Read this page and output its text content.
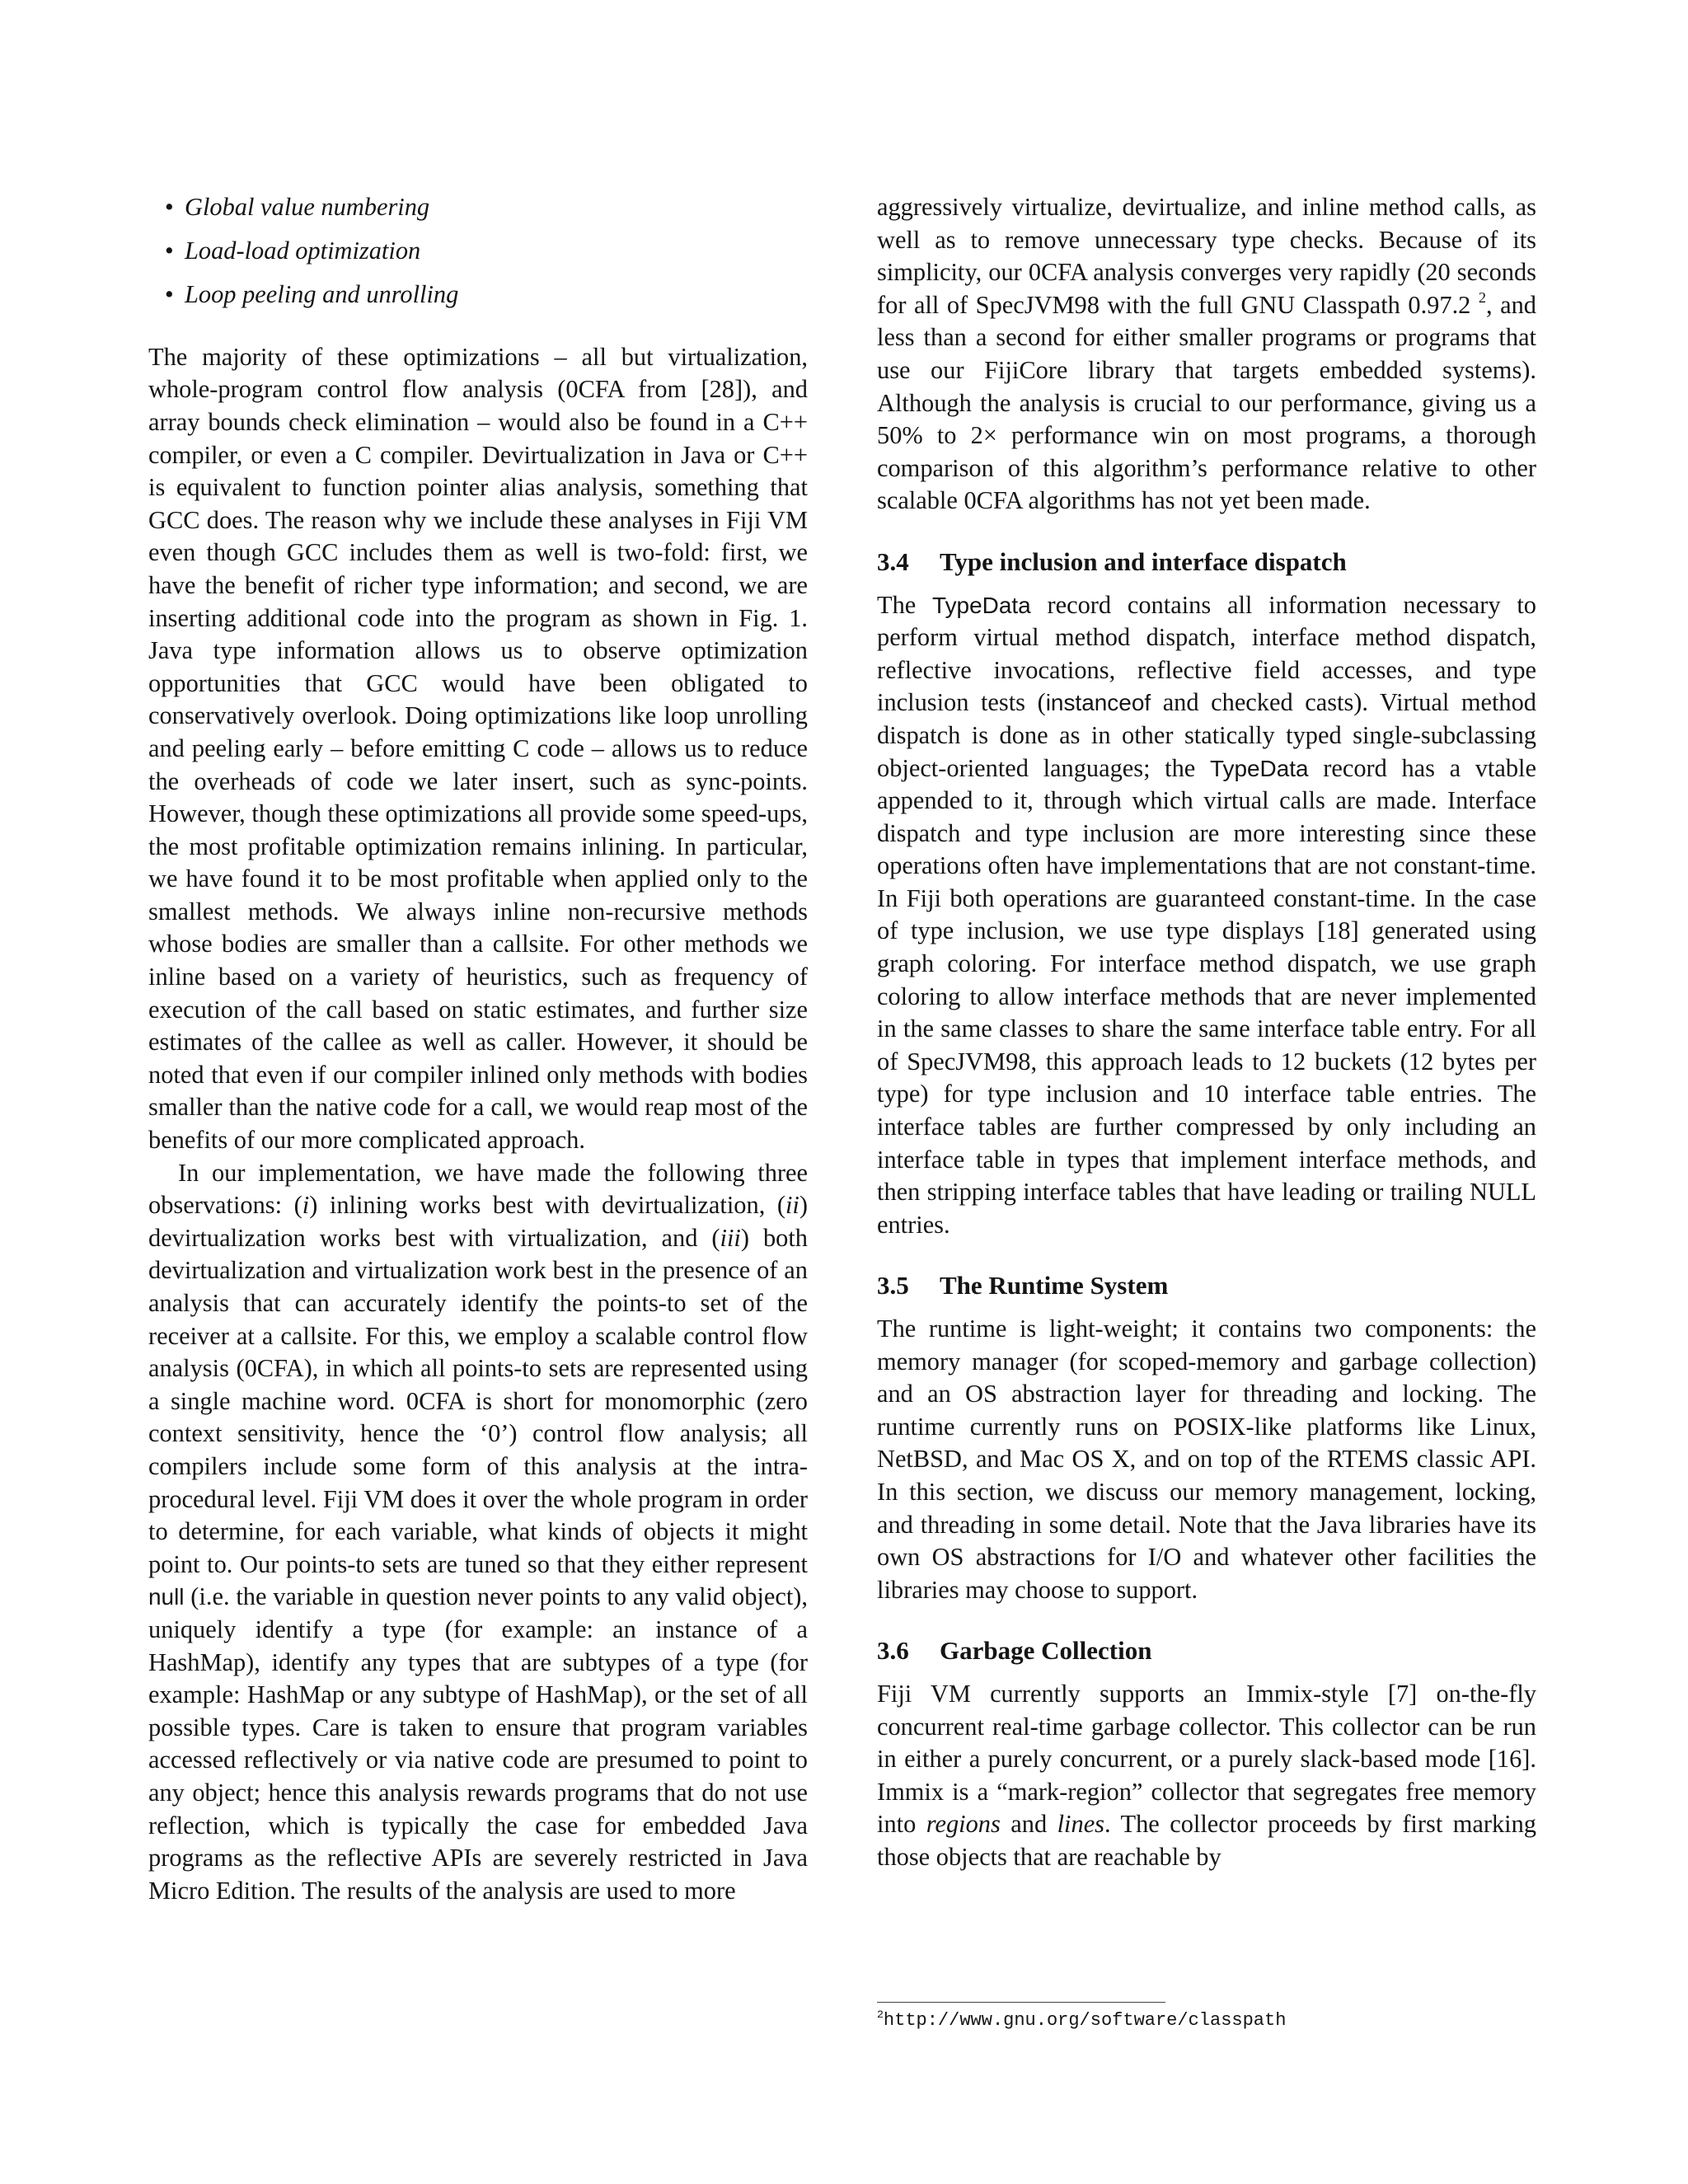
• Global value numbering
• Load-load optimization
• Loop peeling and unrolling

The majority of these optimizations – all but virtualization, whole-program control flow analysis (0CFA from [28]), and array bounds check elimination – would also be found in a C++ compiler, or even a C compiler. Devirtualization in Java or C++ is equivalent to function pointer alias analysis, something that GCC does. The reason why we include these analyses in Fiji VM even though GCC includes them as well is two-fold: first, we have the benefit of richer type information; and second, we are inserting additional code into the program as shown in Fig. 1. Java type information allows us to observe optimization opportunities that GCC would have been obligated to conservatively overlook. Doing optimizations like loop unrolling and peeling early – before emitting C code – allows us to reduce the overheads of code we later insert, such as sync-points. However, though these optimizations all provide some speed-ups, the most profitable optimization remains inlining. In particular, we have found it to be most profitable when applied only to the smallest methods. We always inline non-recursive methods whose bodies are smaller than a callsite. For other methods we inline based on a variety of heuristics, such as frequency of execution of the call based on static estimates, and further size estimates of the callee as well as caller. However, it should be noted that even if our compiler inlined only methods with bodies smaller than the native code for a call, we would reap most of the benefits of our more complicated approach.

In our implementation, we have made the following three observations: (i) inlining works best with devirtualization, (ii) devirtualization works best with virtualization, and (iii) both devirtualization and virtualization work best in the presence of an analysis that can accurately identify the points-to set of the receiver at a callsite. For this, we employ a scalable control flow analysis (0CFA), in which all points-to sets are represented using a single machine word. 0CFA is short for monomorphic (zero context sensitivity, hence the ‘0’) control flow analysis; all compilers include some form of this analysis at the intra-procedural level. Fiji VM does it over the whole program in order to determine, for each variable, what kinds of objects it might point to. Our points-to sets are tuned so that they either represent null (i.e. the variable in question never points to any valid object), uniquely identify a type (for example: an instance of a HashMap), identify any types that are subtypes of a type (for example: HashMap or any subtype of HashMap), or the set of all possible types. Care is taken to ensure that program variables accessed reflectively or via native code are presumed to point to any object; hence this analysis rewards programs that do not use reflection, which is typically the case for embedded Java programs as the reflective APIs are severely restricted in Java Micro Edition. The results of the analysis are used to more

aggressively virtualize, devirtualize, and inline method calls, as well as to remove unnecessary type checks. Because of its simplicity, our 0CFA analysis converges very rapidly (20 seconds for all of SpecJVM98 with the full GNU Classpath 0.97.2 $^2$, and less than a second for either smaller programs or programs that use our FijiCore library that targets embedded systems). Although the analysis is crucial to our performance, giving us a 50% to 2× performance win on most programs, a thorough comparison of this algorithm’s performance relative to other scalable 0CFA algorithms has not yet been made.

3.4 Type inclusion and interface dispatch

The TypeData record contains all information necessary to perform virtual method dispatch, interface method dispatch, reflective invocations, reflective field accesses, and type inclusion tests (instanceof and checked casts). Virtual method dispatch is done as in other statically typed single-subclassing object-oriented languages; the TypeData record has a vtable appended to it, through which virtual calls are made. Interface dispatch and type inclusion are more interesting since these operations often have implementations that are not constant-time. In Fiji both operations are guaranteed constant-time. In the case of type inclusion, we use type displays [18] generated using graph coloring. For interface method dispatch, we use graph coloring to allow interface methods that are never implemented in the same classes to share the same interface table entry. For all of SpecJVM98, this approach leads to 12 buckets (12 bytes per type) for type inclusion and 10 interface table entries. The interface tables are further compressed by only including an interface table in types that implement interface methods, and then stripping interface tables that have leading or trailing NULL entries.

3.5 The Runtime System

The runtime is light-weight; it contains two components: the memory manager (for scoped-memory and garbage collection) and an OS abstraction layer for threading and locking. The runtime currently runs on POSIX-like platforms like Linux, NetBSD, and Mac OS X, and on top of the RTEMS classic API. In this section, we discuss our memory management, locking, and threading in some detail. Note that the Java libraries have its own OS abstractions for I/O and whatever other facilities the libraries may choose to support.

3.6 Garbage Collection

Fiji VM currently supports an Immix-style [7] on-the-fly concurrent real-time garbage collector. This collector can be run in either a purely concurrent, or a purely slack-based mode [16]. Immix is a “mark-region” collector that segregates free memory into regions and lines. The collector proceeds by first marking those objects that are reachable by

$^2$http://www.gnu.org/software/classpath
